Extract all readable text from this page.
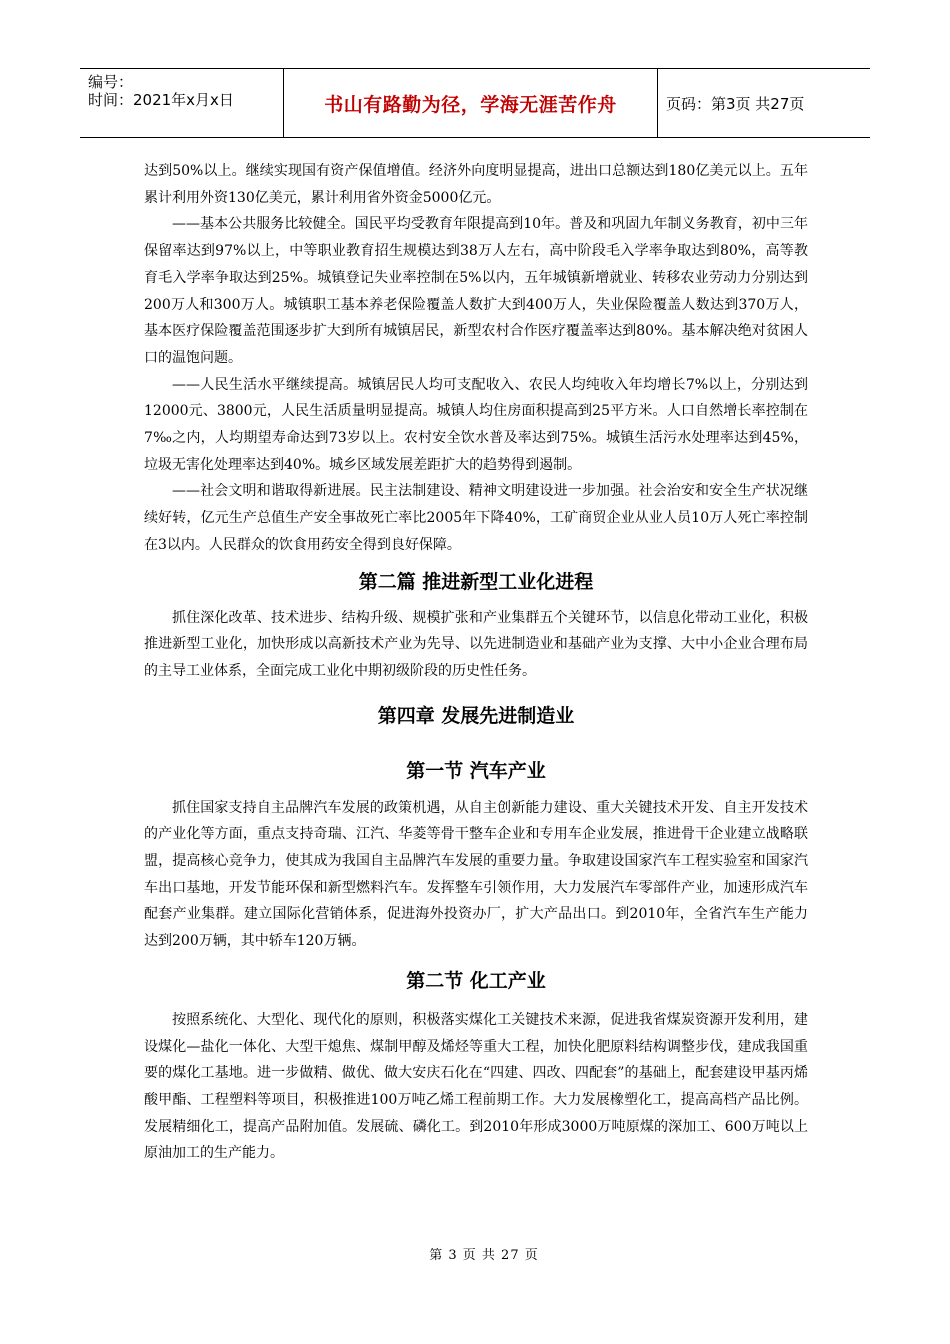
编号：
时间：2021年x月x日	书山有路勤为径，学海无涯苦作舟	页码：第3页 共27页

达到50%以上。继续实现国有资产保值增值。经济外向度明显提高，进出口总额达到180亿美元以上。五年累计利用外资130亿美元，累计利用省外资金5000亿元。

——基本公共服务比较健全。国民平均受教育年限提高到10年。普及和巩固九年制义务教育，初中三年保留率达到97%以上，中等职业教育招生规模达到38万人左右，高中阶段毛入学率争取达到80%，高等教育毛入学率争取达到25%。城镇登记失业率控制在5%以内，五年城镇新增就业、转移农业劳动力分别达到200万人和300万人。城镇职工基本养老保险覆盖人数扩大到400万人，失业保险覆盖人数达到370万人，基本医疗保险覆盖范围逐步扩大到所有城镇居民，新型农村合作医疗覆盖率达到80%。基本解决绝对贫困人口的温饱问题。

——人民生活水平继续提高。城镇居民人均可支配收入、农民人均纯收入年均增长7%以上，分别达到12000元、3800元，人民生活质量明显提高。城镇人均住房面积提高到25平方米。人口自然增长率控制在7‰之内，人均期望寿命达到73岁以上。农村安全饮水普及率达到75%。城镇生活污水处理率达到45%，垃圾无害化处理率达到40%。城乡区域发展差距扩大的趋势得到遏制。

——社会文明和谐取得新进展。民主法制建设、精神文明建设进一步加强。社会治安和安全生产状况继续好转，亿元生产总值生产安全事故死亡率比2005年下降40%，工矿商贸企业从业人员10万人死亡率控制在3以内。人民群众的饮食用药安全得到良好保障。

第二篇 推进新型工业化进程

抓住深化改革、技术进步、结构升级、规模扩张和产业集群五个关键环节，以信息化带动工业化，积极推进新型工业化，加快形成以高新技术产业为先导、以先进制造业和基础产业为支撑、大中小企业合理布局的主导工业体系，全面完成工业化中期初级阶段的历史性任务。

第四章 发展先进制造业
第一节 汽车产业

抓住国家支持自主品牌汽车发展的政策机遇，从自主创新能力建设、重大关键技术开发、自主开发技术的产业化等方面，重点支持奇瑞、江汽、华菱等骨干整车企业和专用车企业发展，推进骨干企业建立战略联盟，提高核心竞争力，使其成为我国自主品牌汽车发展的重要力量。争取建设国家汽车工程实验室和国家汽车出口基地，开发节能环保和新型燃料汽车。发挥整车引领作用，大力发展汽车零部件产业，加速形成汽车配套产业集群。建立国际化营销体系，促进海外投资办厂，扩大产品出口。到2010年，全省汽车生产能力达到200万辆，其中轿车120万辆。

第二节 化工产业

按照系统化、大型化、现代化的原则，积极落实煤化工关键技术来源，促进我省煤炭资源开发利用，建设煤化—盐化一体化、大型干熄焦、煤制甲醇及烯烃等重大工程，加快化肥原料结构调整步伐，建成我国重要的煤化工基地。进一步做精、做优、做大安庆石化在“四建、四改、四配套”的基础上，配套建设甲基丙烯酸甲酯、工程塑料等项目，积极推进100万吨乙烯工程前期工作。大力发展橡塑化工，提高高档产品比例。发展精细化工，提高产品附加值。发展硫、磷化工。到2010年形成3000万吨原煤的深加工、600万吨以上原油加工的生产能力。

第 3 页 共 27 页
